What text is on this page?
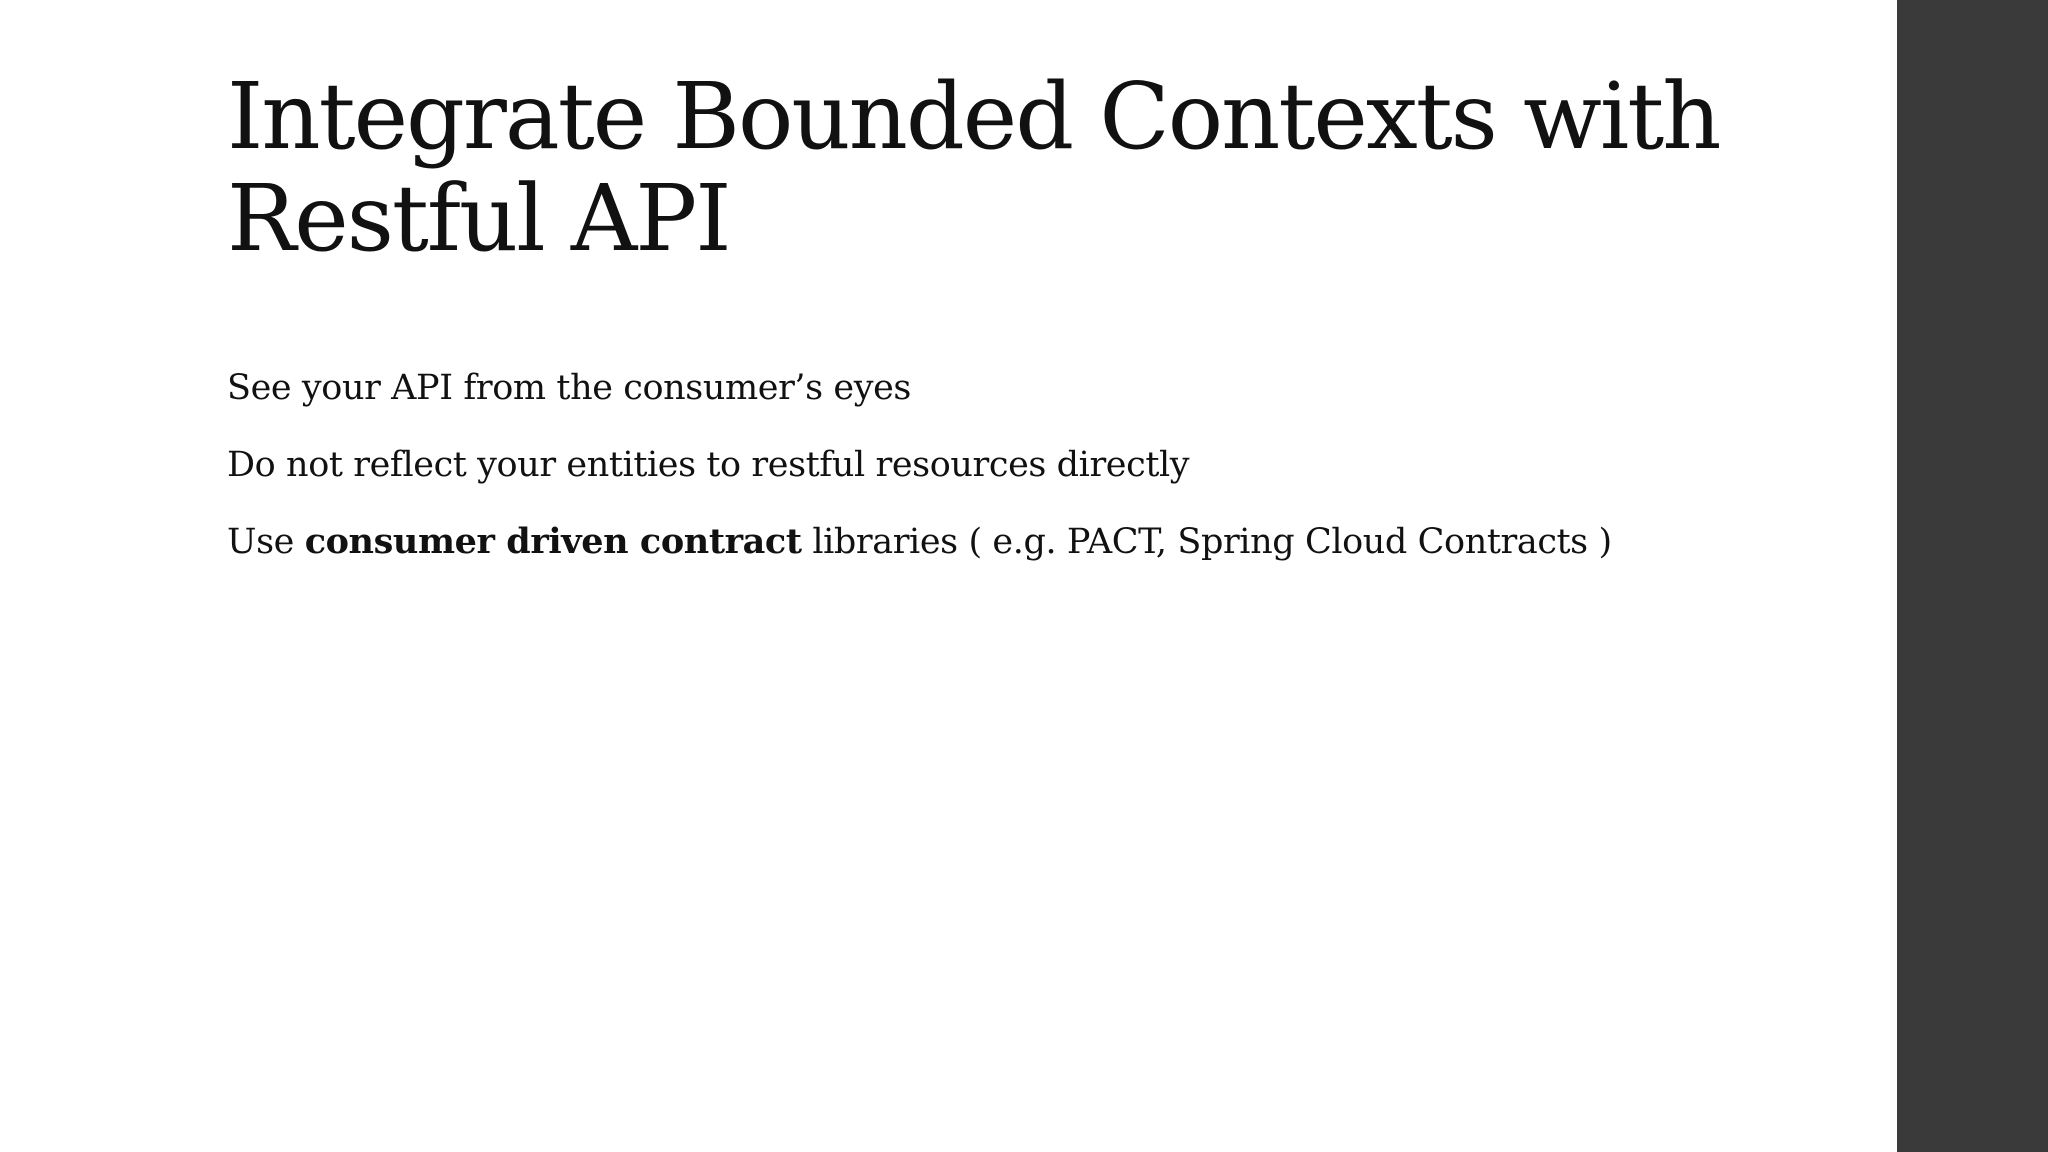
Integrate Bounded Contexts with
Restful API
See your API from the consumer’s eyes
Do not reflect your entities to restful resources directly
Use consumer driven contract libraries ( e.g. PACT, Spring Cloud Contracts )
